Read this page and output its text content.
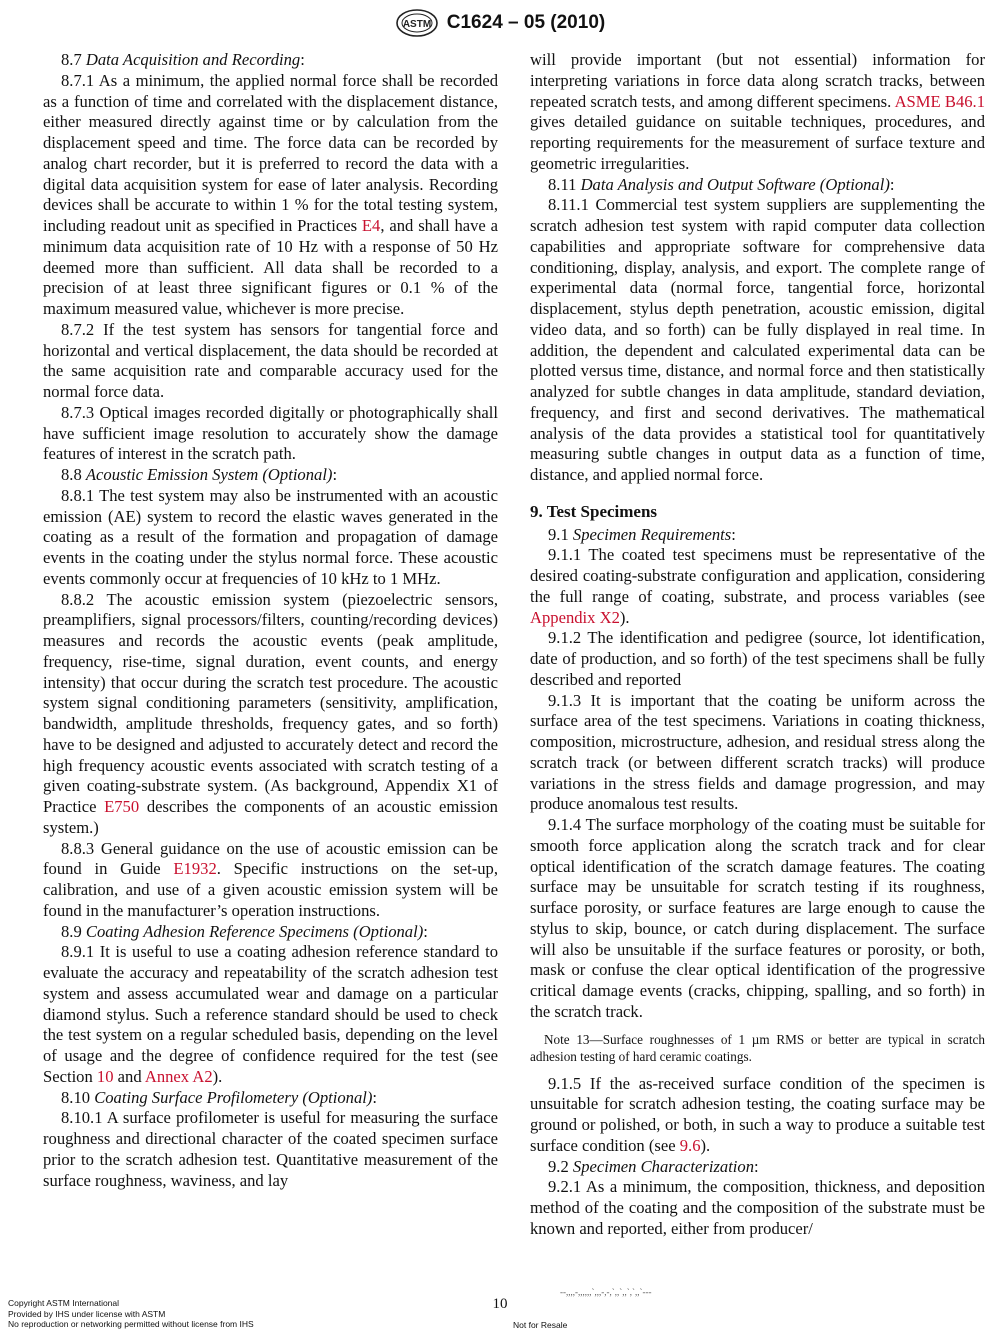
ASTM C1624 – 05 (2010)

8.7 Data Acquisition and Recording:

8.7.1 As a minimum, the applied normal force shall be recorded as a function of time and correlated with the displacement distance, either measured directly against time or by calculation from the displacement speed and time. The force data can be recorded by analog chart recorder, but it is preferred to record the data with a digital data acquisition system for ease of later analysis. Recording devices shall be accurate to within 1 % for the total testing system, including readout unit as specified in Practices E4, and shall have a minimum data acquisition rate of 10 Hz with a response of 50 Hz deemed more than sufficient. All data shall be recorded to a precision of at least three significant figures or 0.1 % of the maximum measured value, whichever is more precise.

8.7.2 If the test system has sensors for tangential force and horizontal and vertical displacement, the data should be recorded at the same acquisition rate and comparable accuracy used for the normal force data.

8.7.3 Optical images recorded digitally or photographically shall have sufficient image resolution to accurately show the damage features of interest in the scratch path.

8.8 Acoustic Emission System (Optional):

8.8.1 The test system may also be instrumented with an acoustic emission (AE) system to record the elastic waves generated in the coating as a result of the formation and propagation of damage events in the coating under the stylus normal force. These acoustic events commonly occur at frequencies of 10 kHz to 1 MHz.

8.8.2 The acoustic emission system (piezoelectric sensors, preamplifiers, signal processors/filters, counting/recording devices) measures and records the acoustic events (peak amplitude, frequency, rise-time, signal duration, event counts, and energy intensity) that occur during the scratch test procedure. The acoustic system signal conditioning parameters (sensitivity, amplification, bandwidth, amplitude thresholds, frequency gates, and so forth) have to be designed and adjusted to accurately detect and record the high frequency acoustic events associated with scratch testing of a given coating-substrate system. (As background, Appendix X1 of Practice E750 describes the components of an acoustic emission system.)

8.8.3 General guidance on the use of acoustic emission can be found in Guide E1932. Specific instructions on the set-up, calibration, and use of a given acoustic emission system will be found in the manufacturer’s operation instructions.

8.9 Coating Adhesion Reference Specimens (Optional):

8.9.1 It is useful to use a coating adhesion reference standard to evaluate the accuracy and repeatability of the scratch adhesion test system and assess accumulated wear and damage on a particular diamond stylus. Such a reference standard should be used to check the test system on a regular scheduled basis, depending on the level of usage and the degree of confidence required for the test (see Section 10 and Annex A2).

8.10 Coating Surface Profilometery (Optional):

8.10.1 A surface profilometer is useful for measuring the surface roughness and directional character of the coated specimen surface prior to the scratch adhesion test. Quantitative measurement of the surface roughness, waviness, and lay

will provide important (but not essential) information for interpreting variations in force data along scratch tracks, between repeated scratch tests, and among different specimens. ASME B46.1 gives detailed guidance on suitable techniques, procedures, and reporting requirements for the measurement of surface texture and geometric irregularities.

8.11 Data Analysis and Output Software (Optional):

8.11.1 Commercial test system suppliers are supplementing the scratch adhesion test system with rapid computer data collection capabilities and appropriate software for comprehensive data conditioning, display, analysis, and export. The complete range of experimental data (normal force, tangential force, horizontal displacement, stylus depth penetration, acoustic emission, digital video data, and so forth) can be fully displayed in real time. In addition, the dependent and calculated experimental data can be plotted versus time, distance, and normal force and then statistically analyzed for subtle changes in data amplitude, standard deviation, frequency, and first and second derivatives. The mathematical analysis of the data provides a statistical tool for quantitatively measuring subtle changes in output data as a function of time, distance, and applied normal force.

9. Test Specimens

9.1 Specimen Requirements:

9.1.1 The coated test specimens must be representative of the desired coating-substrate configuration and application, considering the full range of coating, substrate, and process variables (see Appendix X2).

9.1.2 The identification and pedigree (source, lot identification, date of production, and so forth) of the test specimens shall be fully described and reported

9.1.3 It is important that the coating be uniform across the surface area of the test specimens. Variations in coating thickness, composition, microstructure, adhesion, and residual stress along the scratch track (or between different scratch tracks) will produce variations in the stress fields and damage progression, and may produce anomalous test results.

9.1.4 The surface morphology of the coating must be suitable for smooth force application along the scratch track and for clear optical identification of the scratch damage features. The coating surface may be unsuitable for scratch testing if its roughness, surface porosity, or surface features are large enough to cause the stylus to skip, bounce, or catch during displacement. The surface will also be unsuitable if the surface features or porosity, or both, mask or confuse the clear optical identification of the progressive critical damage events (cracks, chipping, spalling, and so forth) in the scratch track.

Note 13—Surface roughnesses of 1 µm RMS or better are typical in scratch adhesion testing of hard ceramic coatings.

9.1.5 If the as-received surface condition of the specimen is unsuitable for scratch adhesion testing, the coating surface may be ground or polished, or both, in such a way to produce a suitable test surface condition (see 9.6).

9.2 Specimen Characterization:

9.2.1 As a minimum, the composition, thickness, and deposition method of the coating and the composition of the substrate must be known and reported, either from producer/

Copyright ASTM International
Provided by IHS under license with ASTM
No reproduction or networking permitted without license from IHS
--,,,,-,,,,,,`,,,-,-,`,,`,,`,`,,`---
10
Not for Resale
